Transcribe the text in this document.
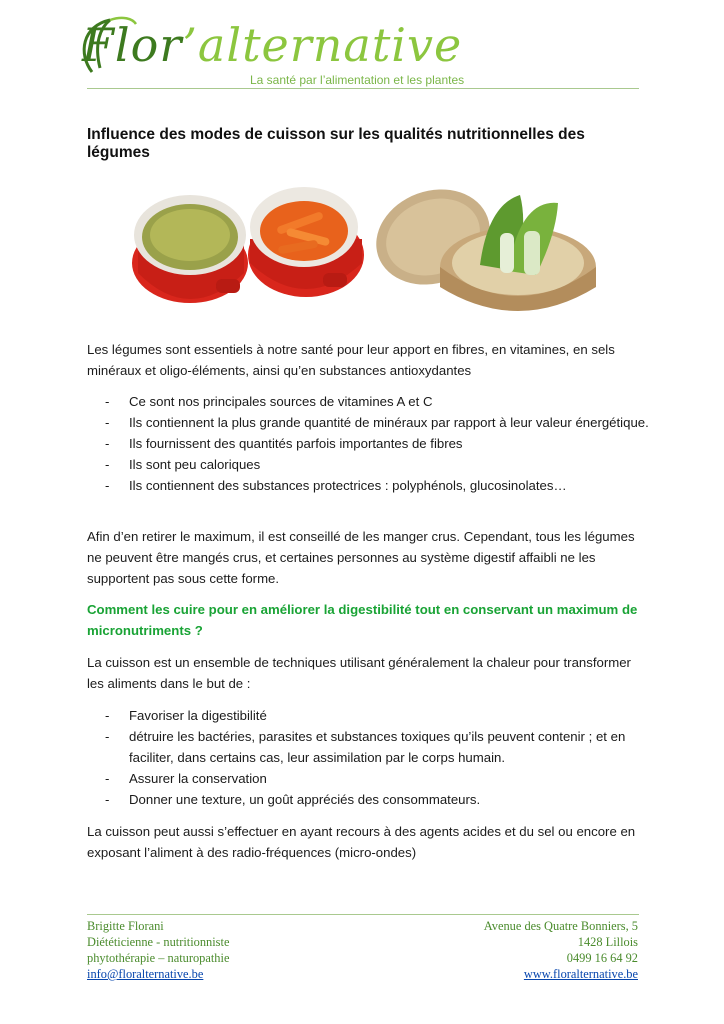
Flor’alternative
La santé par l’alimentation et les plantes
Influence des modes de cuisson sur les qualités nutritionnelles des légumes
Les légumes sont essentiels à notre santé pour leur apport en fibres, en vitamines, en sels minéraux et oligo-éléments, ainsi qu’en substances antioxydantes
- Ce sont nos principales sources de vitamines A et C
- Ils contiennent la plus grande quantité de minéraux par rapport à leur valeur énergétique.
- Ils fournissent des quantités parfois importantes de fibres
- Ils sont peu caloriques
- Ils contiennent des substances protectrices : polyphénols, glucosinolates…
Afin d’en retirer le maximum, il est conseillé de les manger crus. Cependant, tous les légumes ne peuvent être mangés crus, et certaines personnes au système digestif affaibli ne les supportent pas sous cette forme.
Comment les cuire pour en améliorer la digestibilité tout en conservant un maximum de micronutriments ?
La cuisson est un ensemble de techniques utilisant généralement la chaleur pour transformer les aliments dans le but de :
- Favoriser la digestibilité
- détruire les bactéries, parasites et substances toxiques qu’ils peuvent contenir ; et en faciliter, dans certains cas, leur assimilation par le corps humain.
- Assurer la conservation
- Donner une texture, un goût appréciés des consommateurs.
La cuisson peut aussi s’effectuer en ayant recours à des agents acides et du sel ou encore en exposant l’aliment à des radio-fréquences (micro-ondes)
Brigitte Florani
Diététicienne - nutritionniste
phytothérapie – naturopathie
info@floralternative.be
Avenue des Quatre Bonniers, 5
1428 Lillois
0499 16 64 92
www.floralternative.be
